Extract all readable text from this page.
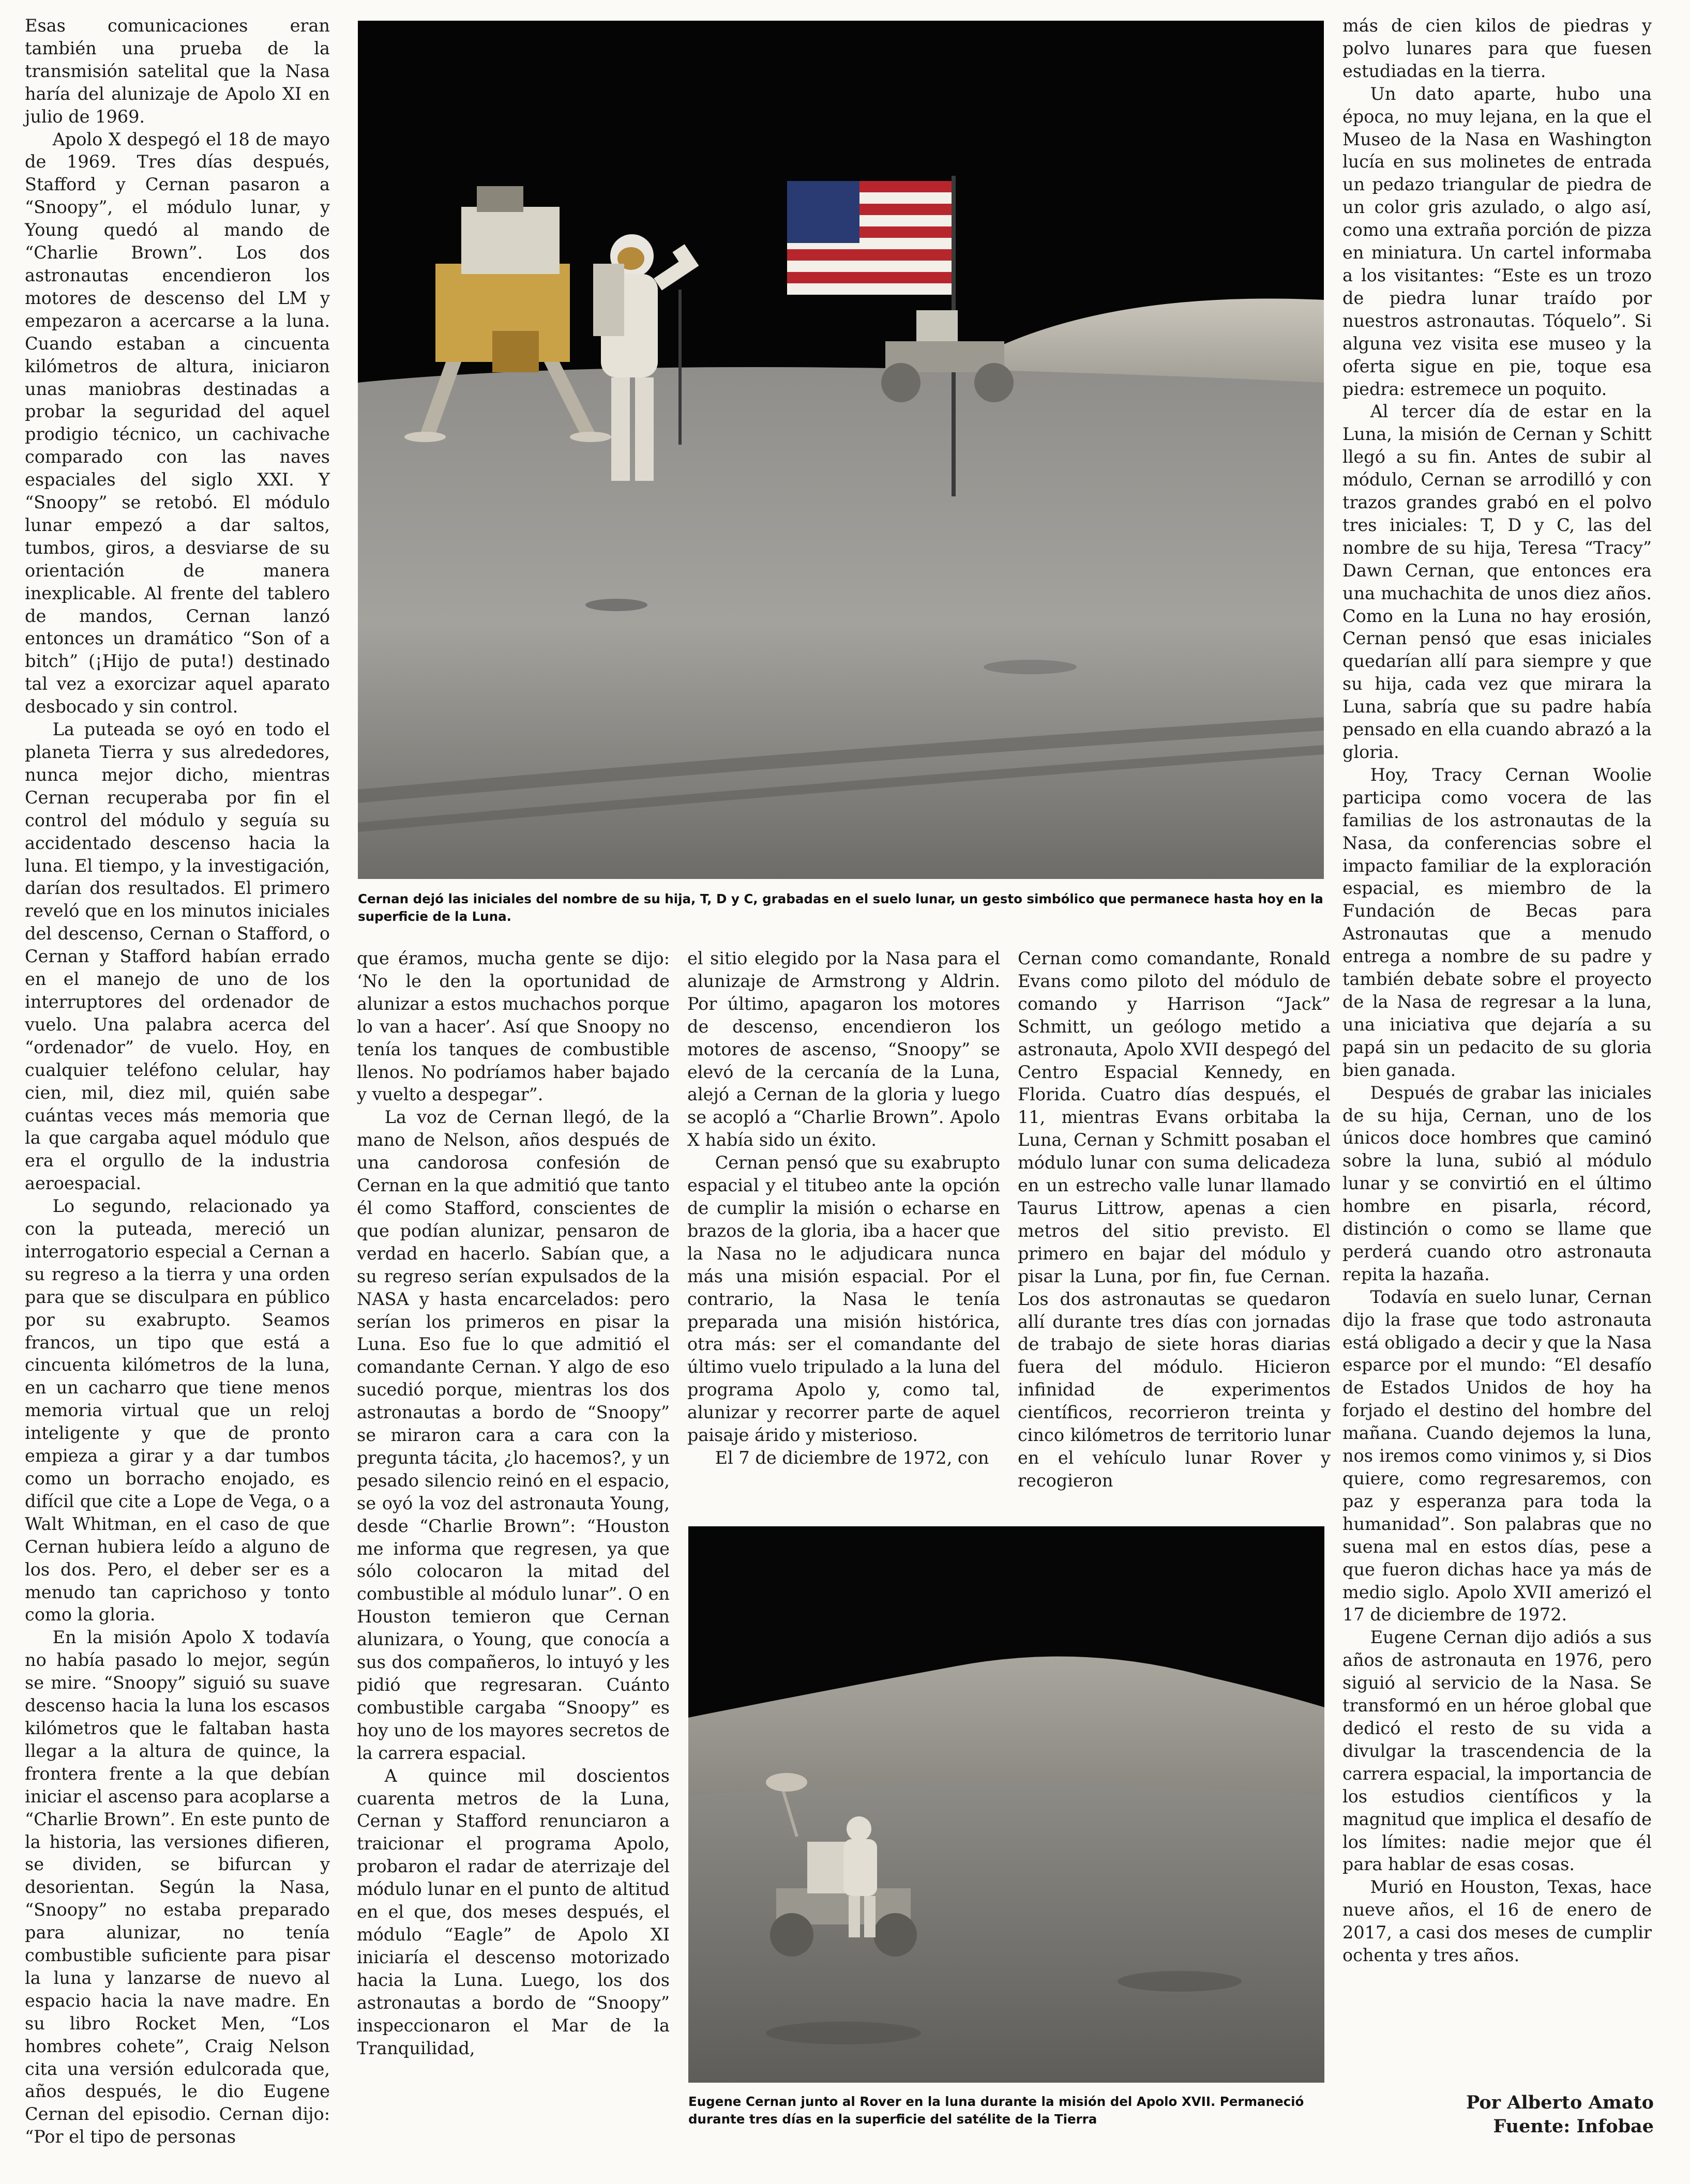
Esas comunicaciones eran también una prueba de la transmisión satelital que la Nasa haría del alunizaje de Apolo XI en julio de 1969.

Apolo X despegó el 18 de mayo de 1969. Tres días después, Stafford y Cernan pasaron a “Snoopy”, el módulo lunar, y Young quedó al mando de “Charlie Brown”. Los dos astronautas encendieron los motores de descenso del LM y empezaron a acercarse a la luna. Cuando estaban a cincuenta kilómetros de altura, iniciaron unas maniobras destinadas a probar la seguridad del aquel prodigio técnico, un cachivache comparado con las naves espaciales del siglo XXI. Y “Snoopy” se retobó. El módulo lunar empezó a dar saltos, tumbos, giros, a desviarse de su orientación de manera inexplicable. Al frente del tablero de mandos, Cernan lanzó entonces un dramático “Son of a bitch” (¡Hijo de puta!) destinado tal vez a exorcizar aquel aparato desbocado y sin control.

La puteada se oyó en todo el planeta Tierra y sus alrededores, nunca mejor dicho, mientras Cernan recuperaba por fin el control del módulo y seguía su accidentado descenso hacia la luna. El tiempo, y la investigación, darían dos resultados. El primero reveló que en los minutos iniciales del descenso, Cernan o Stafford, o Cernan y Stafford habían errado en el manejo de uno de los interruptores del ordenador de vuelo. Una palabra acerca del “ordenador” de vuelo. Hoy, en cualquier teléfono celular, hay cien, mil, diez mil, quién sabe cuántas veces más memoria que la que cargaba aquel módulo que era el orgullo de la industria aeroespacial.

Lo segundo, relacionado ya con la puteada, mereció un interrogatorio especial a Cernan a su regreso a la tierra y una orden para que se disculpara en público por su exabrupto. Seamos francos, un tipo que está a cincuenta kilómetros de la luna, en un cacharro que tiene menos memoria virtual que un reloj inteligente y que de pronto empieza a girar y a dar tumbos como un borracho enojado, es difícil que cite a Lope de Vega, o a Walt Whitman, en el caso de que Cernan hubiera leído a alguno de los dos. Pero, el deber ser es a menudo tan caprichoso y tonto como la gloria.

En la misión Apolo X todavía no había pasado lo mejor, según se mire. “Snoopy” siguió su suave descenso hacia la luna los escasos kilómetros que le faltaban hasta llegar a la altura de quince, la frontera frente a la que debían iniciar el ascenso para acoplarse a “Charlie Brown”. En este punto de la historia, las versiones difieren, se dividen, se bifurcan y desorientan. Según la Nasa, “Snoopy” no estaba preparado para alunizar, no tenía combustible suficiente para pisar la luna y lanzarse de nuevo al espacio hacia la nave madre. En su libro Rocket Men, “Los hombres cohete”, Craig Nelson cita una versión edulcorada que, años después, le dio Eugene Cernan del episodio. Cernan dijo: “Por el tipo de personas

Cernan dejó las iniciales del nombre de su hija, T, D y C, grabadas en el suelo lunar, un gesto simbólico que permanece hasta hoy en la superficie de la Luna.

que éramos, mucha gente se dijo: ‘No le den la oportunidad de alunizar a estos muchachos porque lo van a hacer’. Así que Snoopy no tenía los tanques de combustible llenos. No podríamos haber bajado y vuelto a despegar”.

La voz de Cernan llegó, de la mano de Nelson, años después de una candorosa confesión de Cernan en la que admitió que tanto él como Stafford, conscientes de que podían alunizar, pensaron de verdad en hacerlo. Sabían que, a su regreso serían expulsados de la NASA y hasta encarcelados: pero serían los primeros en pisar la Luna. Eso fue lo que admitió el comandante Cernan. Y algo de eso sucedió porque, mientras los dos astronautas a bordo de “Snoopy” se miraron cara a cara con la pregunta tácita, ¿lo hacemos?, y un pesado silencio reinó en el espacio, se oyó la voz del astronauta Young, desde “Charlie Brown”: “Houston me informa que regresen, ya que sólo colocaron la mitad del combustible al módulo lunar”. O en Houston temieron que Cernan alunizara, o Young, que conocía a sus dos compañeros, lo intuyó y les pidió que regresaran. Cuánto combustible cargaba “Snoopy” es hoy uno de los mayores secretos de la carrera espacial.

A quince mil doscientos cuarenta metros de la Luna, Cernan y Stafford renunciaron a traicionar el programa Apolo, probaron el radar de aterrizaje del módulo lunar en el punto de altitud en el que, dos meses después, el módulo “Eagle” de Apolo XI iniciaría el descenso motorizado hacia la Luna. Luego, los dos astronautas a bordo de “Snoopy” inspeccionaron el Mar de la Tranquilidad,

el sitio elegido por la Nasa para el alunizaje de Armstrong y Aldrin. Por último, apagaron los motores de descenso, encendieron los motores de ascenso, “Snoopy” se elevó de la cercanía de la Luna, alejó a Cernan de la gloria y luego se acopló a “Charlie Brown”. Apolo X había sido un éxito.

Cernan pensó que su exabrupto espacial y el titubeo ante la opción de cumplir la misión o echarse en brazos de la gloria, iba a hacer que la Nasa no le adjudicara nunca más una misión espacial. Por el contrario, la Nasa le tenía preparada una misión histórica, otra más: ser el comandante del último vuelo tripulado a la luna del programa Apolo y, como tal, alunizar y recorrer parte de aquel paisaje árido y misterioso.

El 7 de diciembre de 1972, con

Cernan como comandante, Ronald Evans como piloto del módulo de comando y Harrison “Jack” Schmitt, un geólogo metido a astronauta, Apolo XVII despegó del Centro Espacial Kennedy, en Florida. Cuatro días después, el 11, mientras Evans orbitaba la Luna, Cernan y Schmitt posaban el módulo lunar con suma delicadeza en un estrecho valle lunar llamado Taurus Littrow, apenas a cien metros del sitio previsto. El primero en bajar del módulo y pisar la Luna, por fin, fue Cernan. Los dos astronautas se quedaron allí durante tres días con jornadas de trabajo de siete horas diarias fuera del módulo. Hicieron infinidad de experimentos científicos, recorrieron treinta y cinco kilómetros de territorio lunar en el vehículo lunar Rover y recogieron

Eugene Cernan junto al Rover en la luna durante la misión del Apolo XVII. Permaneció durante tres días en la superficie del satélite de la Tierra

más de cien kilos de piedras y polvo lunares para que fuesen estudiadas en la tierra.

Un dato aparte, hubo una época, no muy lejana, en la que el Museo de la Nasa en Washington lucía en sus molinetes de entrada un pedazo triangular de piedra de un color gris azulado, o algo así, como una extraña porción de pizza en miniatura. Un cartel informaba a los visitantes: “Este es un trozo de piedra lunar traído por nuestros astronautas. Tóquelo”. Si alguna vez visita ese museo y la oferta sigue en pie, toque esa piedra: estremece un poquito.

Al tercer día de estar en la Luna, la misión de Cernan y Schitt llegó a su fin. Antes de subir al módulo, Cernan se arrodilló y con trazos grandes grabó en el polvo tres iniciales: T, D y C, las del nombre de su hija, Teresa “Tracy” Dawn Cernan, que entonces era una muchachita de unos diez años. Como en la Luna no hay erosión, Cernan pensó que esas iniciales quedarían allí para siempre y que su hija, cada vez que mirara la Luna, sabría que su padre había pensado en ella cuando abrazó a la gloria.

Hoy, Tracy Cernan Woolie participa como vocera de las familias de los astronautas de la Nasa, da conferencias sobre el impacto familiar de la exploración espacial, es miembro de la Fundación de Becas para Astronautas que a menudo entrega a nombre de su padre y también debate sobre el proyecto de la Nasa de regresar a la luna, una iniciativa que dejaría a su papá sin un pedacito de su gloria bien ganada.

Después de grabar las iniciales de su hija, Cernan, uno de los únicos doce hombres que caminó sobre la luna, subió al módulo lunar y se convirtió en el último hombre en pisarla, récord, distinción o como se llame que perderá cuando otro astronauta repita la hazaña.

Todavía en suelo lunar, Cernan dijo la frase que todo astronauta está obligado a decir y que la Nasa esparce por el mundo: “El desafío de Estados Unidos de hoy ha forjado el destino del hombre del mañana. Cuando dejemos la luna, nos iremos como vinimos y, si Dios quiere, como regresaremos, con paz y esperanza para toda la humanidad”. Son palabras que no suena mal en estos días, pese a que fueron dichas hace ya más de medio siglo. Apolo XVII amerizó el 17 de diciembre de 1972.

Eugene Cernan dijo adiós a sus años de astronauta en 1976, pero siguió al servicio de la Nasa. Se transformó en un héroe global que dedicó el resto de su vida a divulgar la trascendencia de la carrera espacial, la importancia de los estudios científicos y la magnitud que implica el desafío de los límites: nadie mejor que él para hablar de esas cosas.

Murió en Houston, Texas, hace nueve años, el 16 de enero de 2017, a casi dos meses de cumplir ochenta y tres años.

Por Alberto Amato
Fuente: Infobae
